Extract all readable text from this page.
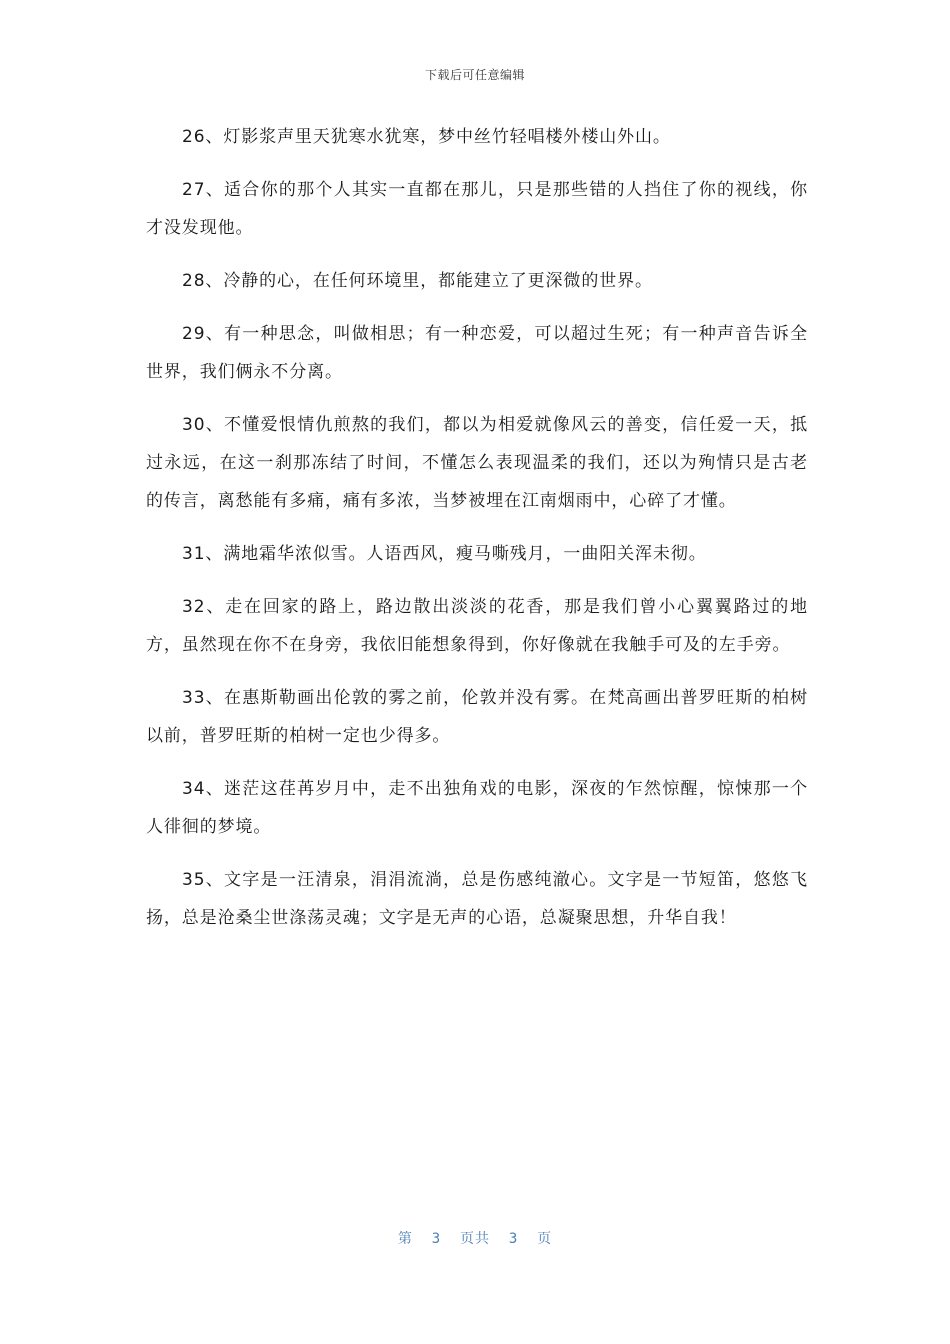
下载后可任意编辑

26、灯影浆声里天犹寒水犹寒，梦中丝竹轻唱楼外楼山外山。

27、适合你的那个人其实一直都在那儿，只是那些错的人挡住了你的视线，你才没发现他。

28、冷静的心，在任何环境里，都能建立了更深微的世界。

29、有一种思念，叫做相思；有一种恋爱，可以超过生死；有一种声音告诉全世界，我们俩永不分离。

30、不懂爱恨情仇煎熬的我们，都以为相爱就像风云的善变，信任爱一天，抵过永远，在这一刹那冻结了时间，不懂怎么表现温柔的我们，还以为殉情只是古老的传言，离愁能有多痛，痛有多浓，当梦被埋在江南烟雨中，心碎了才懂。

31、满地霜华浓似雪。人语西风，瘦马嘶残月，一曲阳关浑未彻。

32、走在回家的路上，路边散出淡淡的花香，那是我们曾小心翼翼路过的地方，虽然现在你不在身旁，我依旧能想象得到，你好像就在我触手可及的左手旁。

33、在惠斯勒画出伦敦的雾之前，伦敦并没有雾。在梵高画出普罗旺斯的柏树以前，普罗旺斯的柏树一定也少得多。

34、迷茫这荏苒岁月中，走不出独角戏的电影，深夜的乍然惊醒，惊悚那一个人徘徊的梦境。

35、文字是一汪清泉，涓涓流淌，总是伤感纯澈心。文字是一节短笛，悠悠飞扬，总是沧桑尘世涤荡灵魂；文字是无声的心语，总凝聚思想，升华自我！

第  3  页共  3  页
